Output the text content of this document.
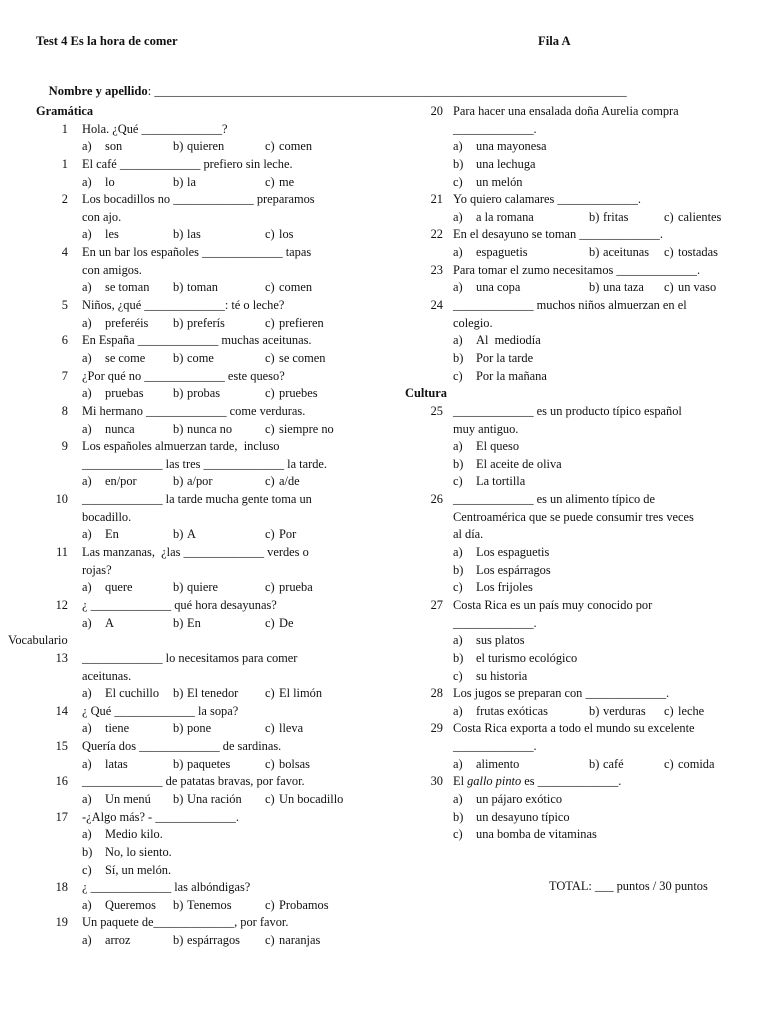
Test 4 Es la hora de comer	Fila A

Nombre y apellido: ___________________________________________________________________________

Gramática
1 Hola. ¿Qué _____________?
a) son	b) quieren	c) comen
1 El café _____________ prefiero sin leche.
a) lo	b) la	c) me
2 Los bocadillos no _____________ preparamos
con ajo.
a) les	b) las	c) los
4 En un bar los españoles _____________ tapas
con amigos.
a) se toman b) toman	c) comen
5 Niños, ¿qué _____________: té o leche?
a) preferéis b) preferís	c) prefieren
6 En España _____________ muchas aceitunas.
a) se come b) come	c) se comen
7 ¿Por qué no _____________ este queso?
a) pruebas b) probas	c) pruebes
8 Mi hermano _____________ come verduras.
a) nunca	b) nunca no	c) siempre no
9 Los españoles almuerzan tarde,  incluso
_____________ las tres _____________ la tarde.
a) en/por	b) a/por	c) a/de
10 _____________ la tarde mucha gente toma un
bocadillo.
a) En	b) A	c) Por
11 Las manzanas,  ¿las _____________ verdes o
rojas?
a) quere	b) quiere	c) prueba
12 ¿ _____________ qué hora desayunas?
a) A	b) En	c) De
Vocabulario
13 _____________ lo necesitamos para comer
aceitunas.
a) El cuchillo b) El tenedor c) El limón
14 ¿ Qué _____________ la sopa?
a) tiene	b) pone	c) lleva
15 Quería dos _____________ de sardinas.
a) latas	b) paquetes	c) bolsas
16 _____________ de patatas bravas, por favor.
a) Un menú b) Una ración c) Un bocadillo
17 -¿Algo más? - _____________.
a) Medio kilo.
b) No, lo siento.
c) Sí, un melón.
18 ¿ _____________ las albóndigas?
a) Queremos b) Tenemos	c) Probamos
19 Un paquete de_____________, por favor.
a) arroz	b) espárragos c) naranjas
20 Para hacer una ensalada doña Aurelia compra
_____________.
a) una mayonesa
b) una lechuga
c) un melón
21 Yo quiero calamares _____________.
a) a la romana	b) fritas	c) calientes
22 En el desayuno se toman _____________.
a) espaguetis	b) aceitunas c) tostadas
23 Para tomar el zumo necesitamos _____________.
a) una copa	b) una taza c) un vaso
24 _____________ muchos niños almuerzan en el
colegio.
a) Al  mediodía
b) Por la tarde
c) Por la mañana
Cultura
25 _____________ es un producto típico español
muy antiguo.
a) El queso
b) El aceite de oliva
c) La tortilla
26 _____________ es un alimento típico de
Centroamérica que se puede consumir tres veces
al día.
a) Los espaguetis
b) Los espárragos
c) Los frijoles
27 Costa Rica es un país muy conocido por
_____________.
a) sus platos
b) el turismo ecológico
c) su historia
28 Los jugos se preparan con _____________.
a) frutas exóticas	b) verduras c) leche
29 Costa Rica exporta a todo el mundo su excelente
_____________.
a) alimento	b) café	c) comida
30 El gallo pinto es _____________.
a) un pájaro exótico
b) un desayuno típico
c) una bomba de vitaminas
TOTAL: ___ puntos / 30 puntos
